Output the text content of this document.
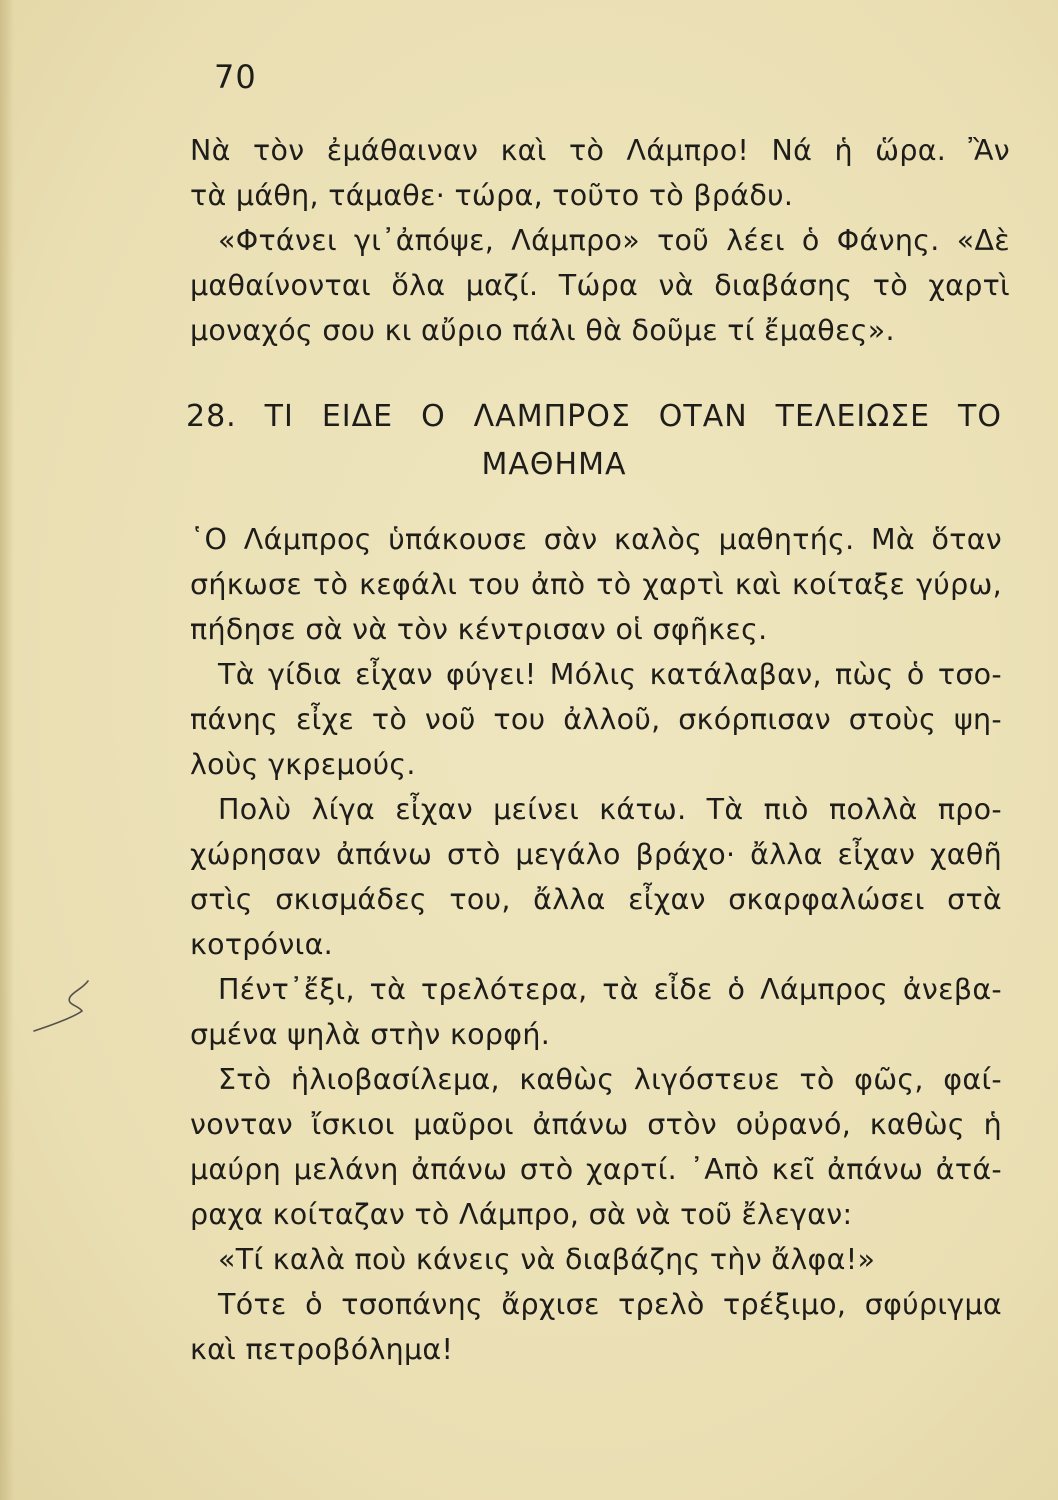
70
Νὰ τὸν ἐμάθαιναν καὶ τὸ Λάμπρο! Νά ἡ ὥρα. Ἂν
τὰ μάθη, τάμαθε· τώρα, τοῦτο τὸ βράδυ.
«Φτάνει γι᾿ἀπόψε, Λάμπρο» τοῦ λέει ὁ Φάνης. «Δὲ
μαθαίνονται ὅλα μαζί. Τώρα νὰ διαβάσης τὸ χαρτὶ
μοναχός σου κι αὔριο πάλι θὰ δοῦμε τί ἔμαθες».
28. ΤΙ ΕΙΔΕ Ο ΛΑΜΠΡΟΣ ΟΤΑΝ ΤΕΛΕΙΩΣΕ ΤΟ
ΜΑΘΗΜΑ
῾Ο Λάμπρος ὑπάκουσε σὰν καλὸς μαθητής. Μὰ ὅταν
σήκωσε τὸ κεφάλι του ἀπὸ τὸ χαρτὶ καὶ κοίταξε γύρω,
πήδησε σὰ νὰ τὸν κέντρισαν οἱ σφῆκες.
Τὰ γίδια εἶχαν φύγει! Μόλις κατάλαβαν, πὼς ὁ τσο-
πάνης εἶχε τὸ νοῦ του ἀλλοῦ, σκόρπισαν στοὺς ψη-
λοὺς γκρεμούς.
Πολὺ λίγα εἶχαν μείνει κάτω. Τὰ πιὸ πολλὰ προ-
χώρησαν ἀπάνω στὸ μεγάλο βράχο· ἄλλα εἶχαν χαθῆ
στὶς σκισμάδες του, ἄλλα εἶχαν σκαρφαλώσει στὰ
κοτρόνια.
Πέντ᾿ἔξι, τὰ τρελότερα, τὰ εἶδε ὁ Λάμπρος ἀνεβα-
σμένα ψηλὰ στὴν κορφή.
Στὸ ἡλιοβασίλεμα, καθὼς λιγόστευε τὸ φῶς, φαί-
νονταν ἴσκιοι μαῦροι ἀπάνω στὸν οὐρανό, καθὼς ἡ
μαύρη μελάνη ἀπάνω στὸ χαρτί. ᾿Απὸ κεῖ ἀπάνω ἀτά-
ραχα κοίταζαν τὸ Λάμπρο, σὰ νὰ τοῦ ἔλεγαν:
«Τί καλὰ ποὺ κάνεις νὰ διαβάζης τὴν ἄλφα!»
Τότε ὁ τσοπάνης ἄρχισε τρελὸ τρέξιμο, σφύριγμα
καὶ πετροβόλημα!
